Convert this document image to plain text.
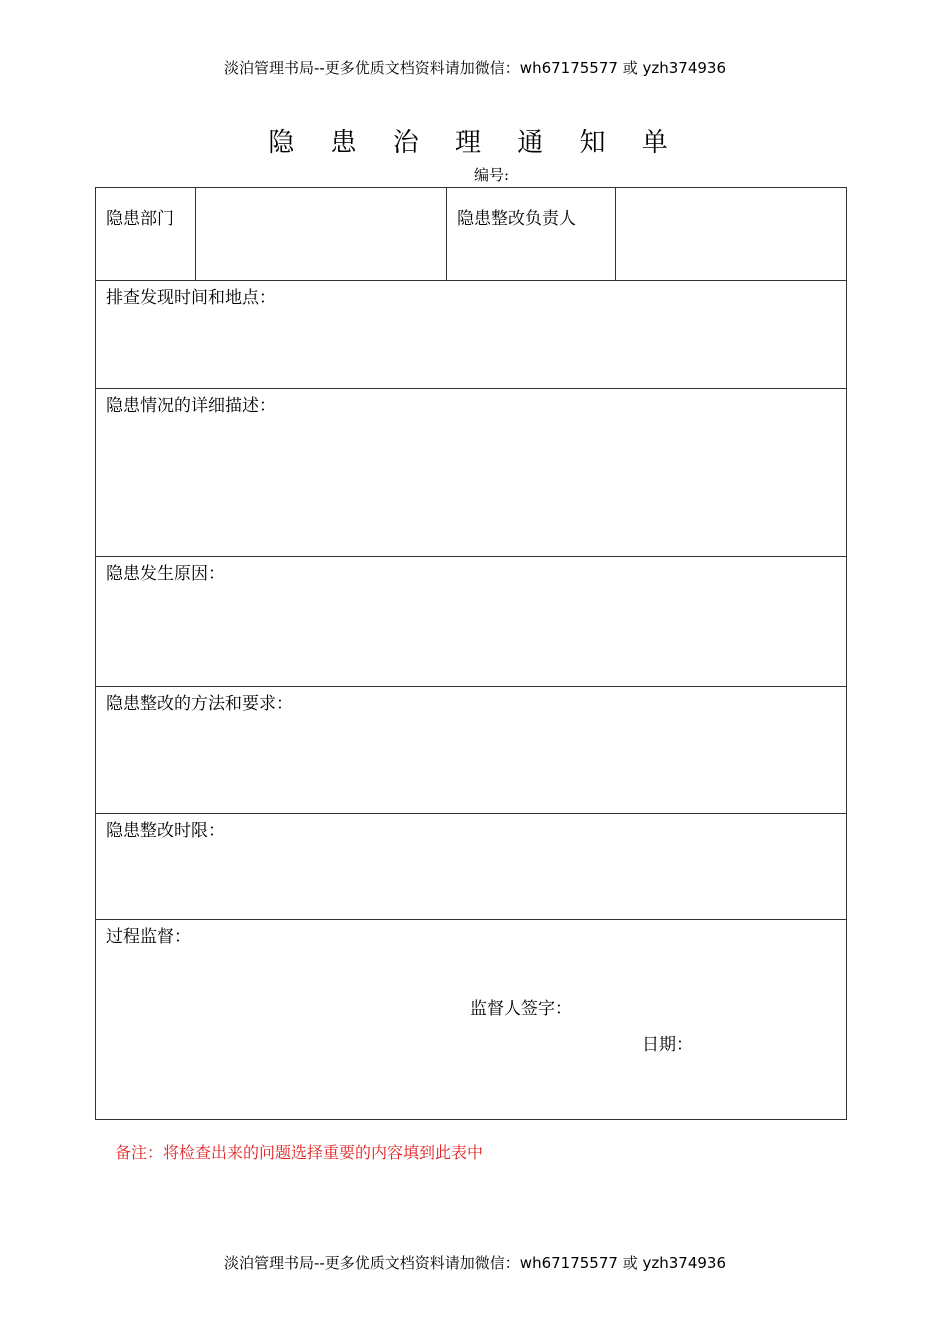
淡泊管理书局--更多优质文档资料请加微信：wh67175577 或 yzh374936
隐 患 治 理 通 知 单
编号:
隐患部门		隐患整改负责人	

排查发现时间和地点：

隐患情况的详细描述：

隐患发生原因：

隐患整改的方法和要求：

隐患整改时限：

过程监督：
监督人签字：
日期：
备注：将检查出来的问题选择重要的内容填到此表中
淡泊管理书局--更多优质文档资料请加微信：wh67175577 或 yzh374936
